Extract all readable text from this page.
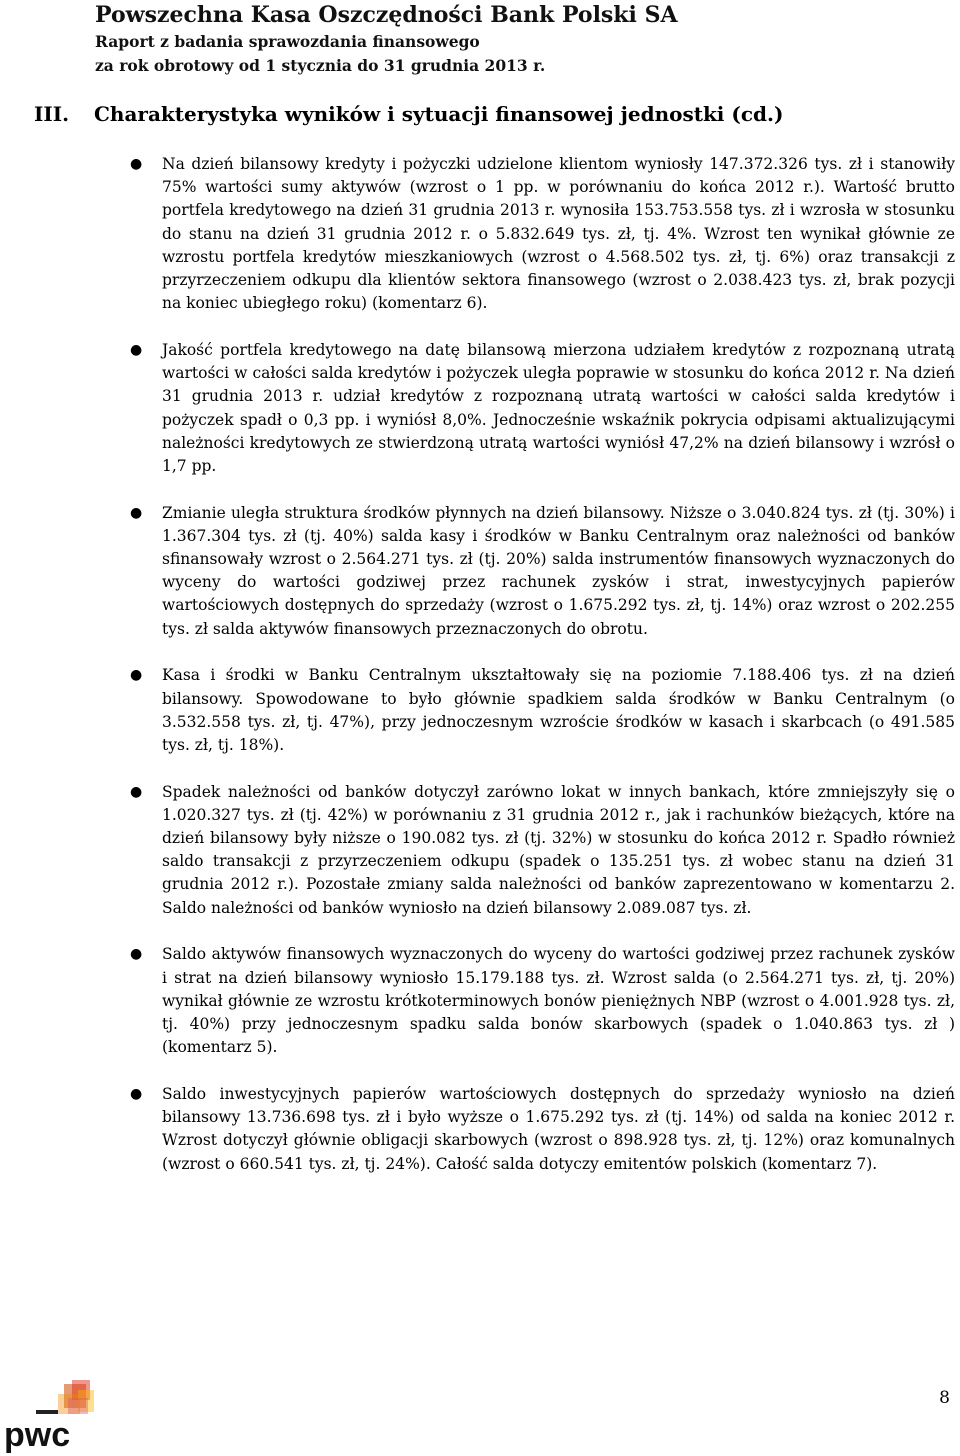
Powszechna Kasa Oszczędności Bank Polski SA
Raport z badania sprawozdania finansowego
za rok obrotowy od 1 stycznia do 31 grudnia 2013 r.
III. Charakterystyka wyników i sytuacji finansowej jednostki (cd.)
●	Na dzień bilansowy kredyty i pożyczki udzielone klientom wyniosły 147.372.326 tys. zł i stanowiły 75% wartości sumy aktywów (wzrost o 1 pp. w porównaniu do końca 2012 r.). Wartość brutto portfela kredytowego na dzień 31 grudnia 2013 r. wynosiła 153.753.558 tys. zł i wzrosła w stosunku do stanu na dzień 31 grudnia 2012 r. o 5.832.649 tys. zł, tj. 4%. Wzrost ten wynikał głównie ze wzrostu portfela kredytów mieszkaniowych (wzrost o 4.568.502 tys. zł, tj. 6%) oraz transakcji z przyrzeczeniem odkupu dla klientów sektora finansowego (wzrost o 2.038.423 tys. zł, brak pozycji na koniec ubiegłego roku) (komentarz 6).
●	Jakość portfela kredytowego na datę bilansową mierzona udziałem kredytów z rozpoznaną utratą wartości w całości salda kredytów i pożyczek uległa poprawie w stosunku do końca 2012 r. Na dzień 31 grudnia 2013 r. udział kredytów z rozpoznaną utratą wartości w całości salda kredytów i pożyczek spadł o 0,3 pp. i wyniósł 8,0%. Jednocześnie wskaźnik pokrycia odpisami aktualizującymi należności kredytowych ze stwierdzoną utratą wartości wyniósł 47,2% na dzień bilansowy i wzrósł o 1,7 pp.
●	Zmianie uległa struktura środków płynnych na dzień bilansowy. Niższe o 3.040.824 tys. zł (tj. 30%) i 1.367.304 tys. zł (tj. 40%) salda kasy i środków w Banku Centralnym oraz należności od banków sfinansowały wzrost o 2.564.271 tys. zł (tj. 20%) salda instrumentów finansowych wyznaczonych do wyceny do wartości godziwej przez rachunek zysków i strat, inwestycyjnych papierów wartościowych dostępnych do sprzedaży (wzrost o 1.675.292 tys. zł, tj. 14%) oraz wzrost o 202.255 tys. zł salda aktywów finansowych przeznaczonych do obrotu.
●	Kasa i środki w Banku Centralnym ukształtowały się na poziomie 7.188.406 tys. zł na dzień bilansowy. Spowodowane to było głównie spadkiem salda środków w Banku Centralnym (o 3.532.558 tys. zł, tj. 47%), przy jednoczesnym wzroście środków w kasach i skarbcach (o 491.585 tys. zł, tj. 18%).
●	Spadek należności od banków dotyczył zarówno lokat w innych bankach, które zmniejszyły się o 1.020.327 tys. zł (tj. 42%) w porównaniu z 31 grudnia 2012 r., jak i rachunków bieżących, które na dzień bilansowy były niższe o 190.082 tys. zł (tj. 32%) w stosunku do końca 2012 r. Spadło również saldo transakcji z przyrzeczeniem odkupu (spadek o 135.251 tys. zł wobec stanu na dzień 31 grudnia 2012 r.). Pozostałe zmiany salda należności od banków zaprezentowano w komentarzu 2. Saldo należności od banków wyniosło na dzień bilansowy 2.089.087 tys. zł.
●	Saldo aktywów finansowych wyznaczonych do wyceny do wartości godziwej przez rachunek zysków i strat na dzień bilansowy wyniosło 15.179.188 tys. zł. Wzrost salda (o 2.564.271 tys. zł, tj. 20%) wynikał głównie ze wzrostu krótkoterminowych bonów pieniężnych NBP (wzrost o 4.001.928 tys. zł, tj. 40%) przy jednoczesnym spadku salda bonów skarbowych (spadek o 1.040.863 tys. zł ) (komentarz 5).
●	Saldo inwestycyjnych papierów wartościowych dostępnych do sprzedaży wyniosło na dzień bilansowy 13.736.698 tys. zł i było wyższe o 1.675.292 tys. zł (tj. 14%) od salda na koniec 2012 r. Wzrost dotyczył głównie obligacji skarbowych (wzrost o 898.928 tys. zł, tj. 12%) oraz komunalnych (wzrost o 660.541 tys. zł, tj. 24%). Całość salda dotyczy emitentów polskich (komentarz 7).
pwc
8
